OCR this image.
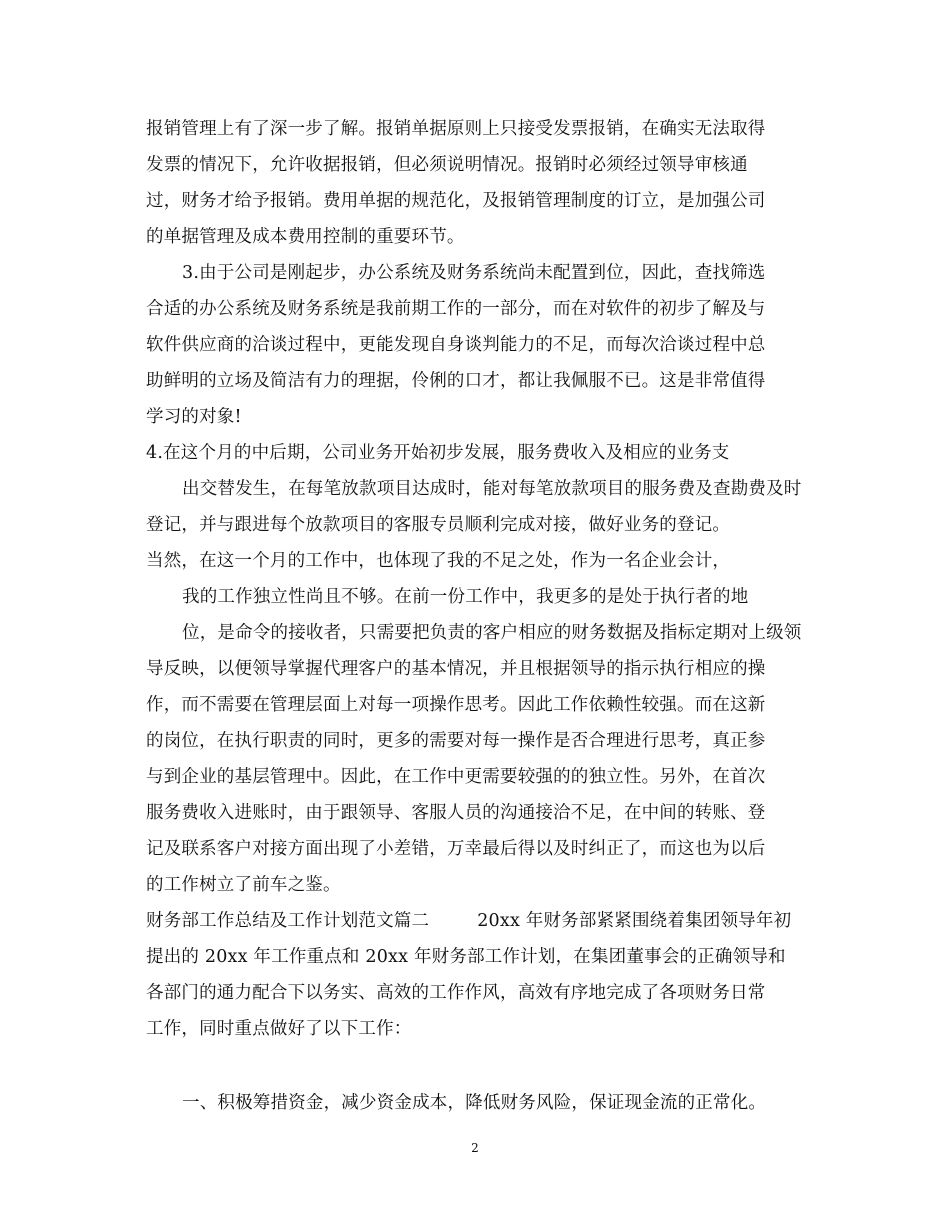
报销管理上有了深一步了解。报销单据原则上只接受发票报销，在确实无法取得
发票的情况下，允许收据报销，但必须说明情况。报销时必须经过领导审核通
过，财务才给予报销。费用单据的规范化，及报销管理制度的订立，是加强公司
的单据管理及成本费用控制的重要环节。
3.由于公司是刚起步，办公系统及财务系统尚未配置到位，因此，查找筛选
合适的办公系统及财务系统是我前期工作的一部分，而在对软件的初步了解及与
软件供应商的洽谈过程中，更能发现自身谈判能力的不足，而每次洽谈过程中总
助鲜明的立场及简洁有力的理据，伶俐的口才，都让我佩服不已。这是非常值得
学习的对象!
4.在这个月的中后期，公司业务开始初步发展，服务费收入及相应的业务支
出交替发生，在每笔放款项目达成时，能对每笔放款项目的服务费及查勘费及时
登记，并与跟进每个放款项目的客服专员顺利完成对接，做好业务的登记。
当然，在这一个月的工作中，也体现了我的不足之处，作为一名企业会计，
我的工作独立性尚且不够。在前一份工作中，我更多的是处于执行者的地
位，是命令的接收者，只需要把负责的客户相应的财务数据及指标定期对上级领
导反映，以便领导掌握代理客户的基本情况，并且根据领导的指示执行相应的操
作，而不需要在管理层面上对每一项操作思考。因此工作依赖性较强。而在这新
的岗位，在执行职责的同时，更多的需要对每一操作是否合理进行思考，真正参
与到企业的基层管理中。因此，在工作中更需要较强的的独立性。另外，在首次
服务费收入进账时，由于跟领导、客服人员的沟通接洽不足，在中间的转账、登
记及联系客户对接方面出现了小差错，万幸最后得以及时纠正了，而这也为以后
的工作树立了前车之鉴。
财务部工作总结及工作计划范文篇二	20xx 年财务部紧紧围绕着集团领导年初
提出的 20xx 年工作重点和 20xx 年财务部工作计划，在集团董事会的正确领导和
各部门的通力配合下以务实、高效的工作作风，高效有序地完成了各项财务日常
工作，同时重点做好了以下工作：
一、积极筹措资金，减少资金成本，降低财务风险，保证现金流的正常化。
2
